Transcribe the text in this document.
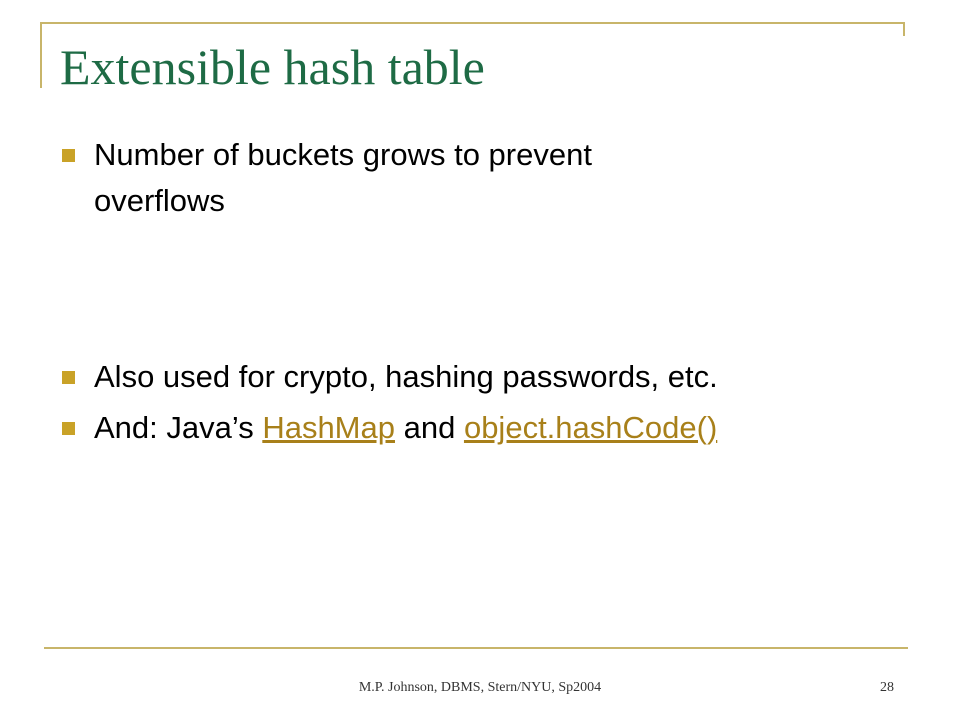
Extensible hash table
Number of buckets grows to prevent
overflows
Also used for crypto, hashing passwords, etc.
And: Java’s HashMap and object.hashCode()
M.P. Johnson, DBMS, Stern/NYU, Sp2004	28
